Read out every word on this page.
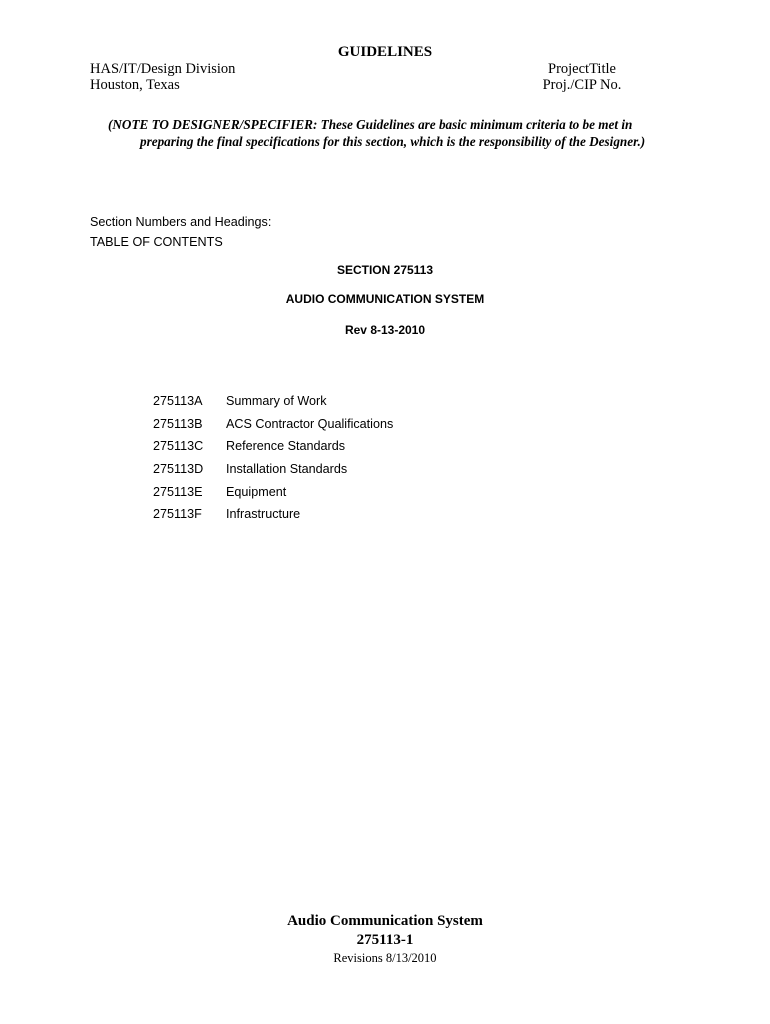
GUIDELINES
HAS/IT/Design Division
Houston, Texas
ProjectTitle
Proj./CIP No.
(NOTE TO DESIGNER/SPECIFIER: These Guidelines are basic minimum criteria to be met in
preparing the final specifications for this section, which is the responsibility of the Designer.)
Section Numbers and Headings:
TABLE OF CONTENTS
SECTION 275113
AUDIO COMMUNICATION SYSTEM
Rev 8-13-2010
275113A	Summary of Work
275113B	ACS Contractor Qualifications
275113C	Reference Standards
275113D	Installation Standards
275113E	Equipment
275113F	Infrastructure
Audio Communication System
275113-1
Revisions 8/13/2010
